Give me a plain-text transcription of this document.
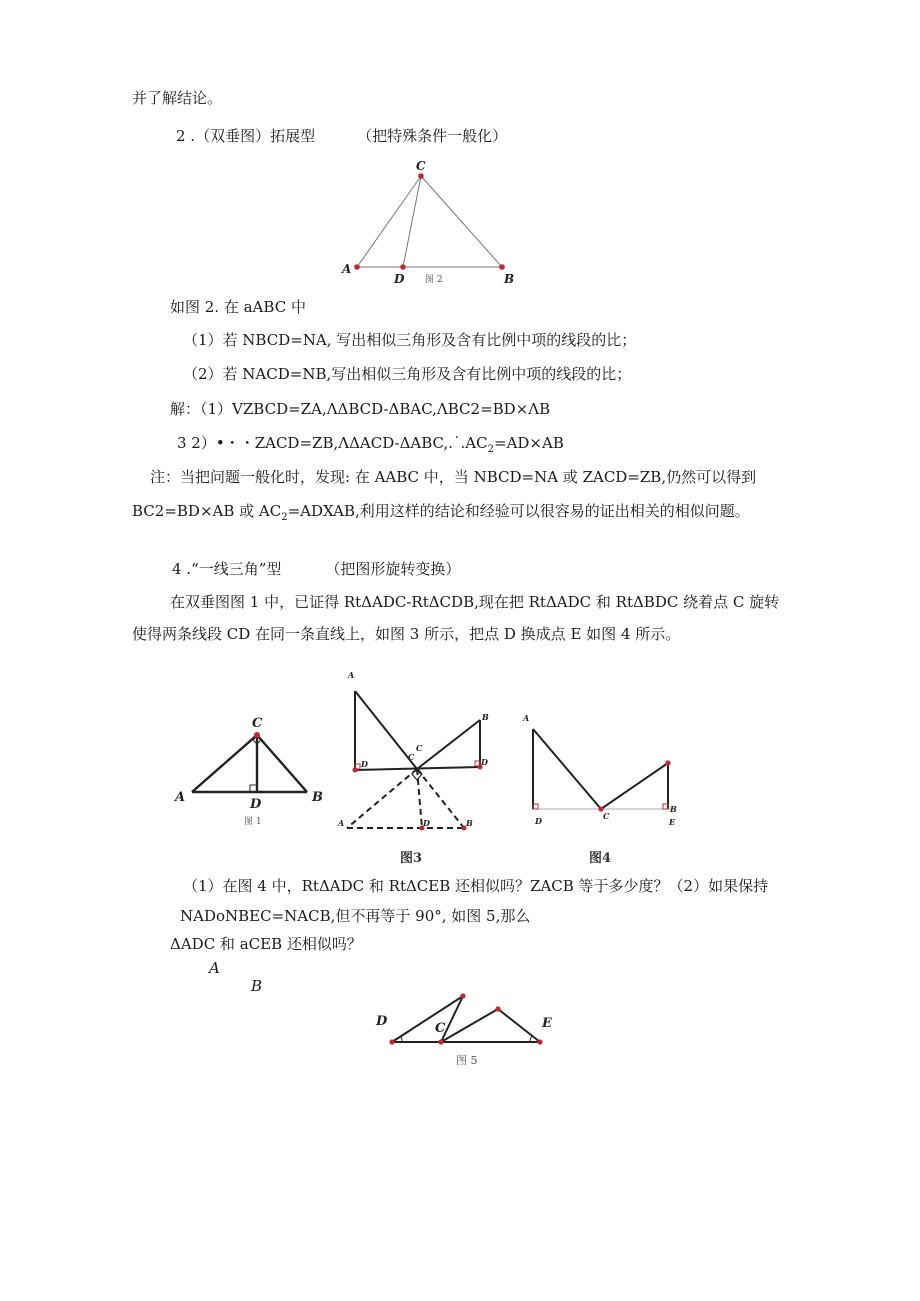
并了解结论。
2 .（双垂图）拓展型	（把特殊条件一般化）
如图 2. 在 aABC 中
（1）若 NBCD=NA, 写出相似三角形及含有比例中项的线段的比；
（2）若 NACD=NB,写出相似三角形及含有比例中项的线段的比；
解：（1）VZBCD=ZA,ΛΔBCD-ΔBAC,ΛBC2=BD×ΛB
3 2）•・・$ZACD=ZB,\Lambda\Delta ACD-\Delta ABC,.˙.AC_2=AD\times AB$
注：当把问题一般化时，发现: 在 AABC 中，当 NBCD=NA 或 ZACD=ZB,仍然可以得到
BC2=BD×AB 或 $AC_2=ADXAB$,利用这样的结论和经验可以很容易的证出相关的相似问题。
4 .“一线三角”型	（把图形旋转变换）
在双垂图图 1 中，已证得 RtΔADC-RtΔCDB,现在把 RtΔADC 和 RtΔBDC 绕着点 C 旋转
使得两条线段 CD 在同一条直线上，如图 3 所示，把点 D 换成点 E 如图 4 所示。
（1）在图 4 中，RtΔADC 和 RtΔCEB 还相似吗？ZACB 等于多少度？（2）如果保持
NADoNBEC=NACB,但不再等于 90°, 如图 5,那么
ΔADC 和 aCEB 还相似吗？
A
B
C
A
D	B
图 2
C
A	D	B
图 1
A
B
C
C
D	D
A	D	B
图3
A
D	C
B
E
图4
D	C	E
图 5
